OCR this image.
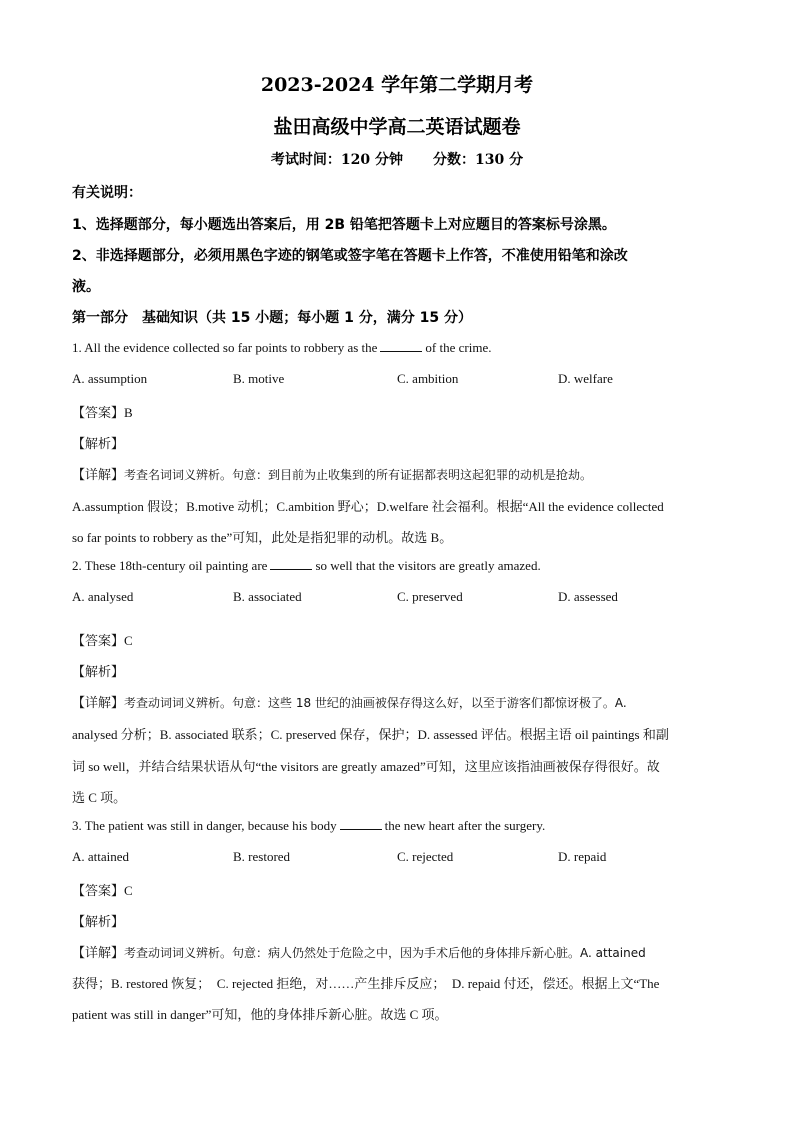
2023-2024 学年第二学期月考
盐田高级中学高二英语试题卷
考试时间：120 分钟 分数：130 分
有关说明：
1、选择题部分，每小题选出答案后，用 2B 铅笔把答题卡上对应题目的答案标号涂黑。
2、非选择题部分，必须用黑色字迹的钢笔或签字笔在答题卡上作答，不准使用铅笔和涂改
液。
第一部分　基础知识（共 15 小题；每小题 1 分，满分 15 分）
1. All the evidence collected so far points to robbery as the	of the crime.
A. assumption	B. motive	C. ambition	D. welfare
【答案】B
【解析】
【详解】考查名词词义辨析。句意：到目前为止收集到的所有证据都表明这起犯罪的动机是抢劫。
A.assumption 假设；B.motive 动机；C.ambition 野心；D.welfare 社会福利。根据“All the evidence collected
so far points to robbery as the”可知，此处是指犯罪的动机。故选 B。
2. These 18th-century oil painting are	so well that the visitors are greatly amazed.
A. analysed	B. associated	C. preserved	D. assessed
【答案】C
【解析】
【详解】考查动词词义辨析。句意：这些 18 世纪的油画被保存得这么好，以至于游客们都惊讶极了。A.
analysed 分析；B. associated 联系；C. preserved 保存，保护；D. assessed 评估。根据主语 oil paintings 和副
词 so well，并结合结果状语从句“the visitors are greatly amazed”可知，这里应该指油画被保存得很好。故
选 C 项。
3. The patient was still in danger, because his body	the new heart after the surgery.
A. attained	B. restored	C. rejected	D. repaid
【答案】C
【解析】
【详解】考查动词词义辨析。句意：病人仍然处于危险之中，因为手术后他的身体排斥新心脏。A. attained
获得；B. restored 恢复；　C. rejected 拒绝，对……产生排斥反应；　D. repaid 付还，偿还。根据上文“The
patient was still in danger”可知，他的身体排斥新心脏。故选 C 项。
